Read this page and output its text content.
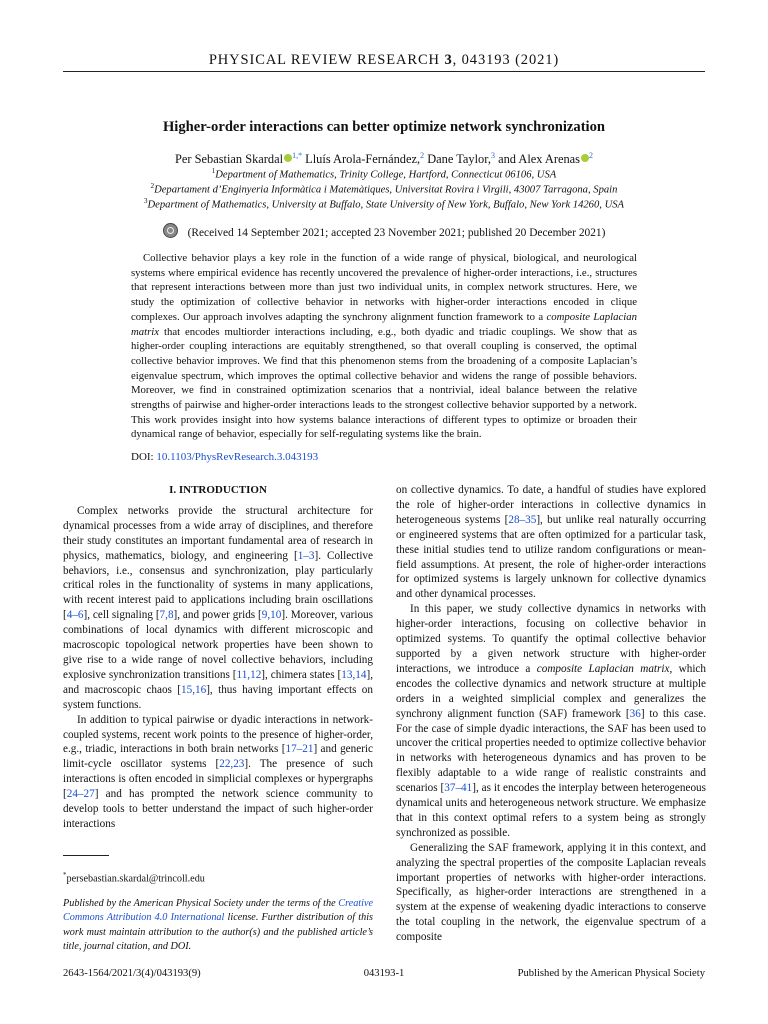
PHYSICAL REVIEW RESEARCH 3, 043193 (2021)
Higher-order interactions can better optimize network synchronization
Per Sebastian Skardal $^{1,*}$ Lluís Arola-Fernández,$^2$ Dane Taylor,$^3$ and Alex Arenas $^2$
$^1$Department of Mathematics, Trinity College, Hartford, Connecticut 06106, USA
$^2$Departament d’Enginyeria Informàtica i Matemàtiques, Universitat Rovira i Virgili, 43007 Tarragona, Spain
$^3$Department of Mathematics, University at Buffalo, State University of New York, Buffalo, New York 14260, USA
(Received 14 September 2021; accepted 23 November 2021; published 20 December 2021)
Collective behavior plays a key role in the function of a wide range of physical, biological, and neurological systems where empirical evidence has recently uncovered the prevalence of higher-order interactions, i.e., structures that represent interactions between more than just two individual units, in complex network structures. Here, we study the optimization of collective behavior in networks with higher-order interactions encoded in clique complexes. Our approach involves adapting the synchrony alignment function framework to a composite Laplacian matrix that encodes multiorder interactions including, e.g., both dyadic and triadic couplings. We show that as higher-order coupling interactions are equitably strengthened, so that overall coupling is conserved, the optimal collective behavior improves. We find that this phenomenon stems from the broadening of a composite Laplacian’s eigenvalue spectrum, which improves the optimal collective behavior and widens the range of possible behaviors. Moreover, we find in constrained optimization scenarios that a nontrivial, ideal balance between the relative strengths of pairwise and higher-order interactions leads to the strongest collective behavior supported by a network. This work provides insight into how systems balance interactions of different types to optimize or broaden their dynamical range of behavior, especially for self-regulating systems like the brain.
DOI: 10.1103/PhysRevResearch.3.043193
I. INTRODUCTION

Complex networks provide the structural architecture for dynamical processes from a wide array of disciplines, and therefore their study constitutes an important fundamental area of research in physics, mathematics, biology, and engineering [1–3]. Collective behaviors, i.e., consensus and synchronization, play particularly critical roles in the functionality of systems in many applications, with recent interest paid to applications including brain oscillations [4–6], cell signaling [7,8], and power grids [9,10]. Moreover, various combinations of local dynamics with different microscopic and macroscopic topological network properties have been shown to give rise to a wide range of novel collective behaviors, including explosive synchronization transitions [11,12], chimera states [13,14], and macroscopic chaos [15,16], thus having important effects on system functions.

In addition to typical pairwise or dyadic interactions in network-coupled systems, recent work points to the presence of higher-order, e.g., triadic, interactions in both brain networks [17–21] and generic limit-cycle oscillator systems [22,23]. The presence of such interactions is often encoded in simplicial complexes or hypergraphs [24–27] and has prompted the network science community to develop tools to better understand the impact of such higher-order interactions

on collective dynamics. To date, a handful of studies have explored the role of higher-order interactions in collective dynamics in heterogeneous systems [28–35], but unlike real naturally occurring or engineered systems that are often optimized for a particular task, these initial studies tend to utilize random configurations or mean-field assumptions. At present, the role of higher-order interactions for optimized systems is largely unknown for collective dynamics and other dynamical processes.

In this paper, we study collective dynamics in networks with higher-order interactions, focusing on collective behavior in optimized systems. To quantify the optimal collective behavior supported by a given network structure with higher-order interactions, we introduce a composite Laplacian matrix, which encodes the collective dynamics and network structure at multiple orders in a weighted simplicial complex and generalizes the synchrony alignment function (SAF) framework [36] to this case. For the case of simple dyadic interactions, the SAF has been used to uncover the critical properties needed to optimize collective behavior in networks with heterogeneous dynamics and has proven to be flexibly adaptable to a wide range of realistic constraints and scenarios [37–41], as it encodes the interplay between heterogeneous dynamical units and heterogeneous network structure. We emphasize that in this context optimal refers to a system being as strongly synchronized as possible.

Generalizing the SAF framework, applying it in this context, and analyzing the spectral properties of the composite Laplacian reveals important properties of networks with higher-order interactions. Specifically, as higher-order interactions are strengthened in a system at the expense of weakening dyadic interactions to conserve the total coupling in the network, the eigenvalue spectrum of a composite

*persebastian.skardal@trincoll.edu
Published by the American Physical Society under the terms of the Creative Commons Attribution 4.0 International license. Further distribution of this work must maintain attribution to the author(s) and the published article’s title, journal citation, and DOI.
2643-1564/2021/3(4)/043193(9)	043193-1	Published by the American Physical Society
